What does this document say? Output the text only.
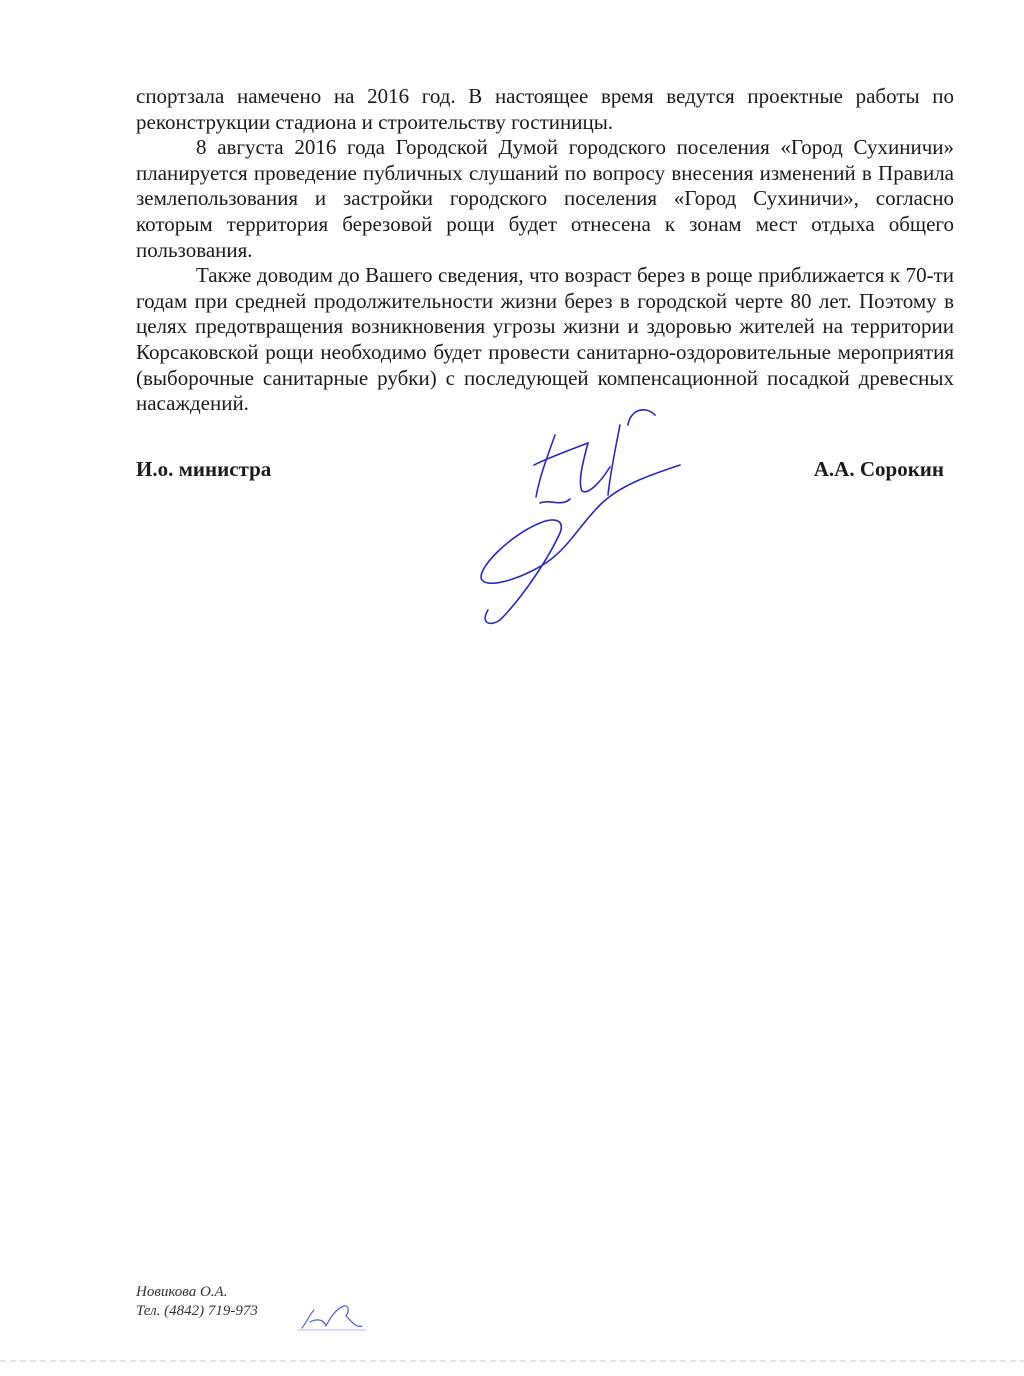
спортзала намечено на 2016 год. В настоящее время ведутся проектные работы по реконструкции стадиона и строительству гостиницы.

8 августа 2016 года Городской Думой городского поселения «Город Сухиничи» планируется проведение публичных слушаний по вопросу внесения изменений в Правила землепользования и застройки городского поселения «Город Сухиничи», согласно которым территория березовой рощи будет отнесена к зонам мест отдыха общего пользования.

Также доводим до Вашего сведения, что возраст берез в роще приближается к 70-ти годам при средней продолжительности жизни берез в городской черте 80 лет. Поэтому в целях предотвращения возникновения угрозы жизни и здоровью жителей на территории Корсаковской рощи необходимо будет провести санитарно-оздоровительные мероприятия (выборочные санитарные рубки) с последующей компенсационной посадкой древесных насаждений.

И.о. министра	А.А. Сорокин
Новикова О.А.
Тел. (4842) 719-973
